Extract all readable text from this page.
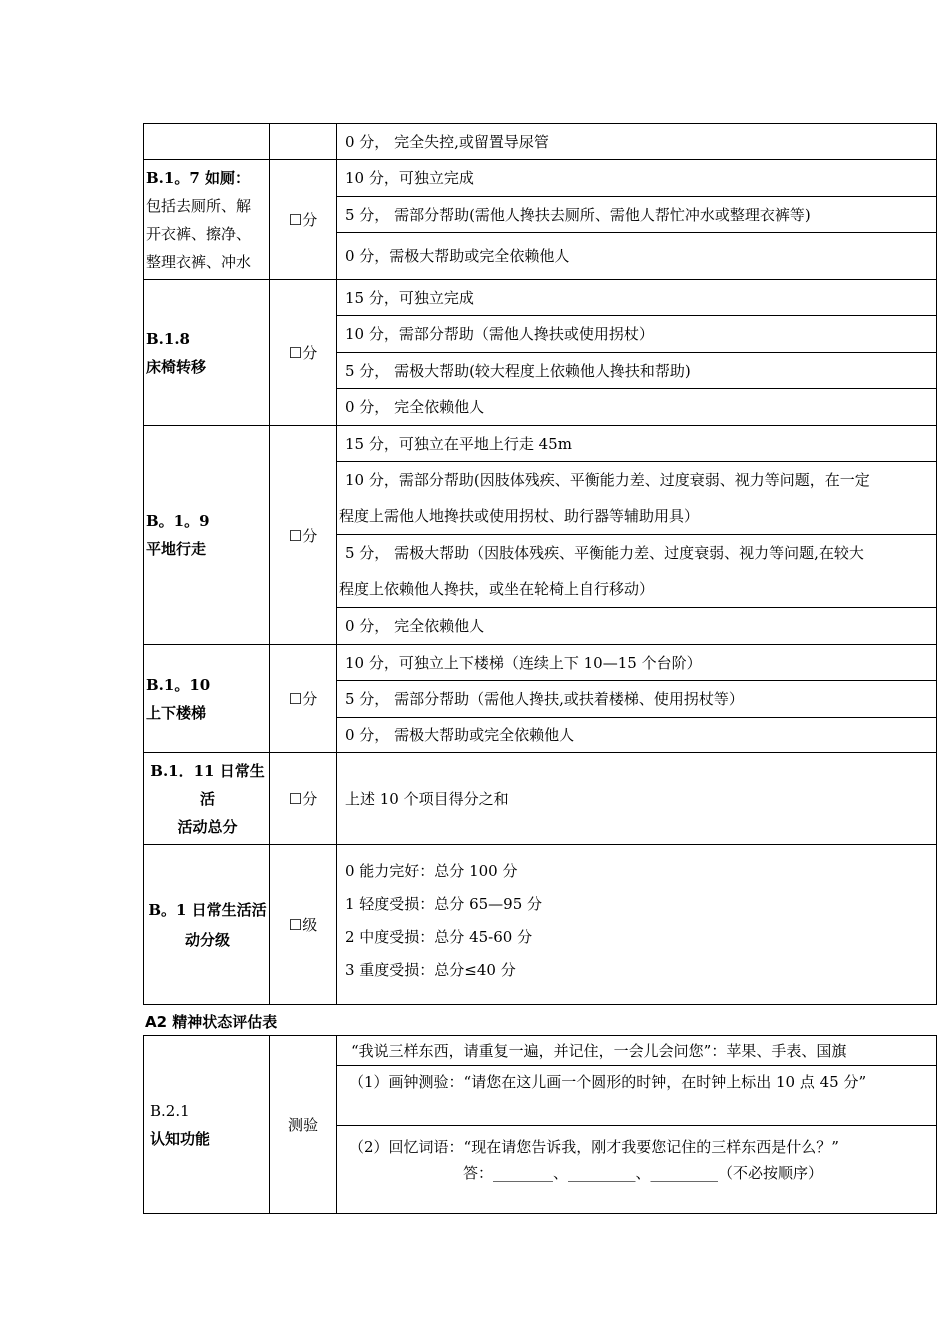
		0 分， 完全失控,或留置导尿管

B.1。7 如厕：
包括去厕所、解
开衣裤、擦净、
整理衣裤、冲水	☐分	10 分，可独立完成
		5 分， 需部分帮助(需他人搀扶去厕所、需他人帮忙冲水或整理衣裤等)
		0 分，需极大帮助或完全依赖他人

B.1.8
床椅转移	☐分	15 分，可独立完成
		10 分，需部分帮助（需他人搀扶或使用拐杖）
		5 分， 需极大帮助(较大程度上依赖他人搀扶和帮助)
		0 分， 完全依赖他人

B。1。9
平地行走	☐分	15 分，可独立在平地上行走 45m

		10 分，需部分帮助(因肢体残疾、平衡能力差、过度衰弱、视力等问题，在一定
程度上需他人地搀扶或使用拐杖、助行器等辅助用具）

		5 分， 需极大帮助（因肢体残疾、平衡能力差、过度衰弱、视力等问题,在较大
程度上依赖他人搀扶，或坐在轮椅上自行移动）

		0 分， 完全依赖他人

B.1。10
上下楼梯	☐分	10 分，可独立上下楼梯（连续上下 10—15 个台阶）
		5 分， 需部分帮助（需他人搀扶,或扶着楼梯、使用拐杖等）
		0 分， 需极大帮助或完全依赖他人

B.1．11 日常生
活
活动总分	☐分	上述 10 个项目得分之和

B。1 日常生活活
动分级	☐级	0 能力完好：总分 100 分
1 轻度受损：总分 65—95 分
2 中度受损：总分 45-60 分
3 重度受损：总分≤40 分
A2 精神状态评估表
B.2.1
认知功能
	测验	“我说三样东西，请重复一遍，并记住，一会儿会问您”：苹果、手表、国旗
（1）画钟测验：“请您在这儿画一个圆形的时钟，在时钟上标出 10 点 45 分”

（2）回忆词语：“现在请您告诉我，刚才我要您记住的三样东西是什么？”
答：________、_________、_________（不必按顺序）
